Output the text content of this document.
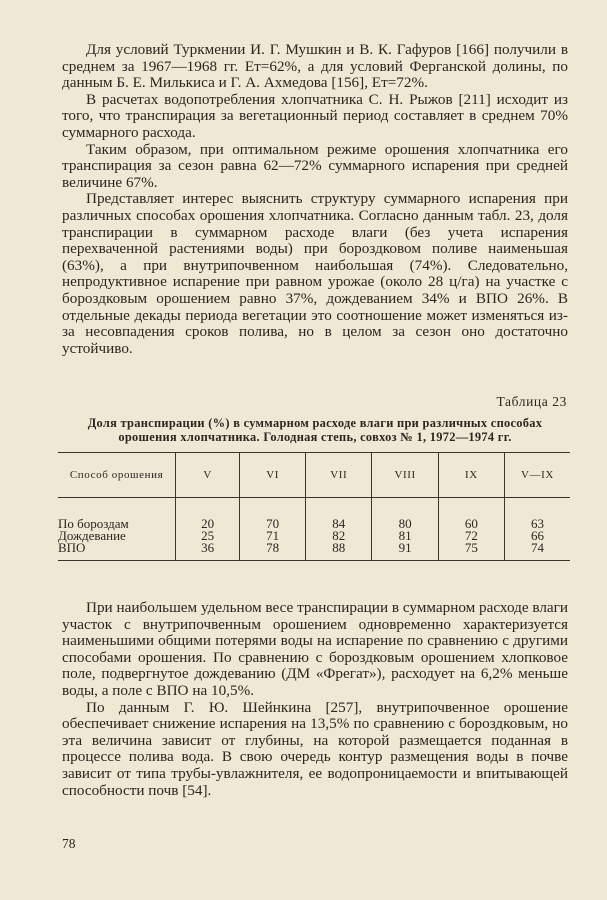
Для условий Туркмении И. Г. Мушкин и В. К. Гафуров [166] получили в среднем за 1967—1968 гг. Eт=62%, а для условий Ферганской долины, по данным Б. Е. Милькиса и Г. А. Ахмедова [156], Eт=72%.

В расчетах водопотребления хлопчатника С. Н. Рыжов [211] исходит из того, что транспирация за вегетационный период составляет в среднем 70% суммарного расхода.

Таким образом, при оптимальном режиме орошения хлопчатника его транспирация за сезон равна 62—72% суммарного испарения при средней величине 67%.

Представляет интерес выяснить структуру суммарного испарения при различных способах орошения хлопчатника. Согласно данным табл. 23, доля транспирации в суммарном расходе влаги (без учета испарения перехваченной растениями воды) при бороздковом поливе наименьшая (63%), а при внутрипочвенном наибольшая (74%). Следовательно, непродуктивное испарение при равном урожае (около 28 ц/га) на участке с бороздковым орошением равно 37%, дождеванием 34% и ВПО 26%. В отдельные декады периода вегетации это соотношение может изменяться из-за несовпадения сроков полива, но в целом за сезон оно достаточно устойчиво.

Таблица 23
Доля транспирации (%) в суммарном расходе влаги при различных способах орошения хлопчатника. Голодная степь, совхоз № 1, 1972—1974 гг.
Способ орошения	V	VI	VII	VIII	IX	V—IX

По бороздам	20	70	84	80	60	63
Дождевание	25	71	82	81	72	66
ВПО	36	78	88	91	75	74

При наибольшем удельном весе транспирации в суммарном расходе влаги участок с внутрипочвенным орошением одновременно характеризуется наименьшими общими потерями воды на испарение по сравнению с другими способами орошения. По сравнению с бороздковым орошением хлопковое поле, подвергнутое дождеванию (ДМ «Фрегат»), расходует на 6,2% меньше воды, а поле с ВПО на 10,5%.

По данным Г. Ю. Шейнкина [257], внутрипочвенное орошение обеспечивает снижение испарения на 13,5% по сравнению с бороздковым, но эта величина зависит от глубины, на которой размещается поданная в процессе полива вода. В свою очередь контур размещения воды в почве зависит от типа трубы-увлажнителя, ее водопроницаемости и впитывающей способности почв [54].

78
